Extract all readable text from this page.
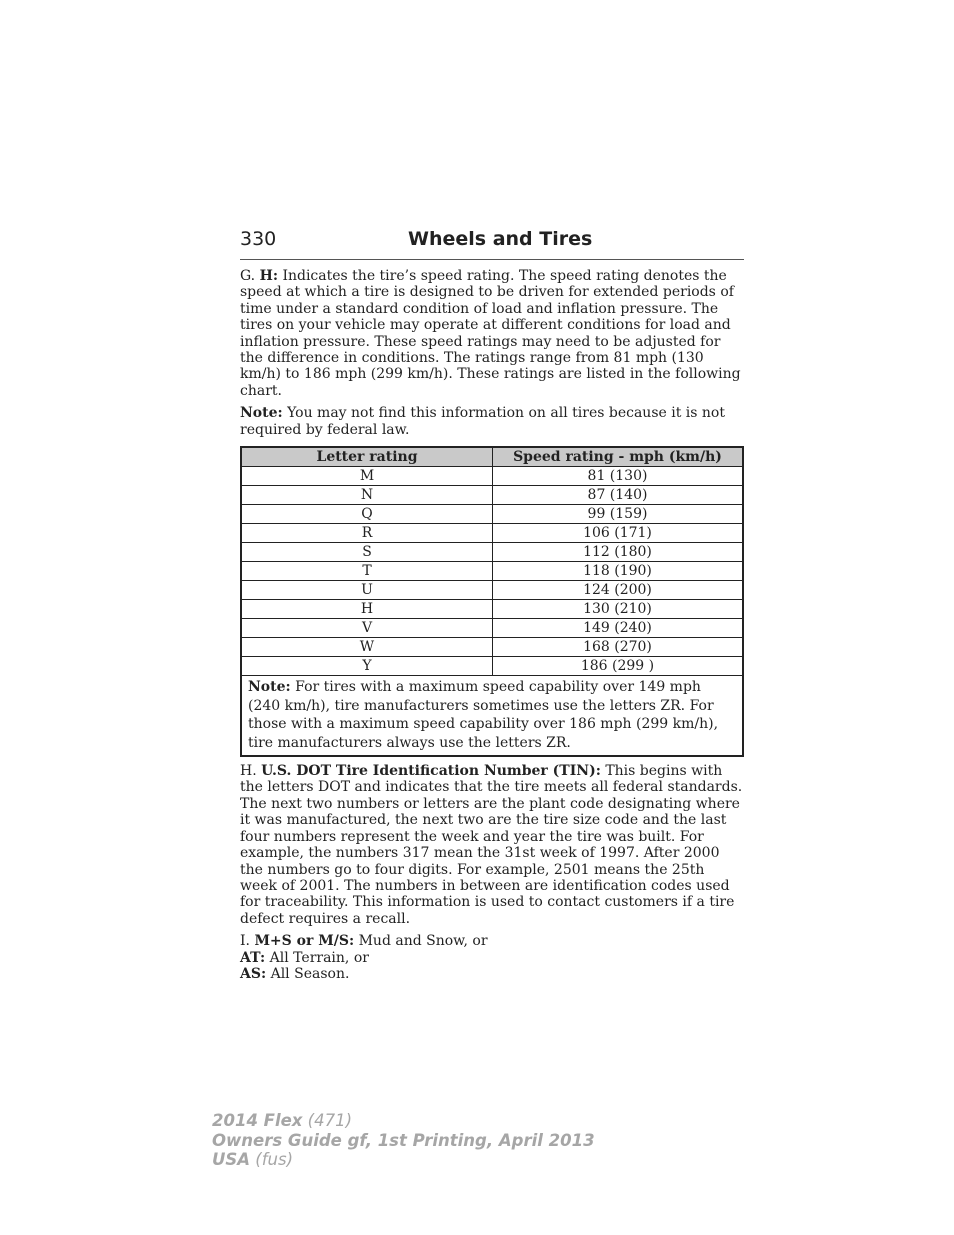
330	Wheels and Tires

G. H: Indicates the tire’s speed rating. The speed rating denotes the speed at which a tire is designed to be driven for extended periods of time under a standard condition of load and inflation pressure. The tires on your vehicle may operate at different conditions for load and inflation pressure. These speed ratings may need to be adjusted for the difference in conditions. The ratings range from 81 mph (130 km/h) to 186 mph (299 km/h). These ratings are listed in the following chart.

Note: You may not find this information on all tires because it is not required by federal law.

Letter rating	Speed rating - mph (km/h)
M	81 (130)
N	87 (140)
Q	99 (159)
R	106 (171)
S	112 (180)
T	118 (190)
U	124 (200)
H	130 (210)
V	149 (240)
W	168 (270)
Y	186 (299 )
Note: For tires with a maximum speed capability over 149 mph (240 km/h), tire manufacturers sometimes use the letters ZR. For those with a maximum speed capability over 186 mph (299 km/h), tire manufacturers always use the letters ZR.	

H. U.S. DOT Tire Identification Number (TIN): This begins with the letters DOT and indicates that the tire meets all federal standards. The next two numbers or letters are the plant code designating where it was manufactured, the next two are the tire size code and the last four numbers represent the week and year the tire was built. For example, the numbers 317 mean the 31st week of 1997. After 2000 the numbers go to four digits. For example, 2501 means the 25th week of 2001. The numbers in between are identification codes used for traceability. This information is used to contact customers if a tire defect requires a recall.

I. M+S or M/S: Mud and Snow, or
AT: All Terrain, or
AS: All Season.

2014 Flex (471)
Owners Guide gf, 1st Printing, April 2013
USA (fus)
